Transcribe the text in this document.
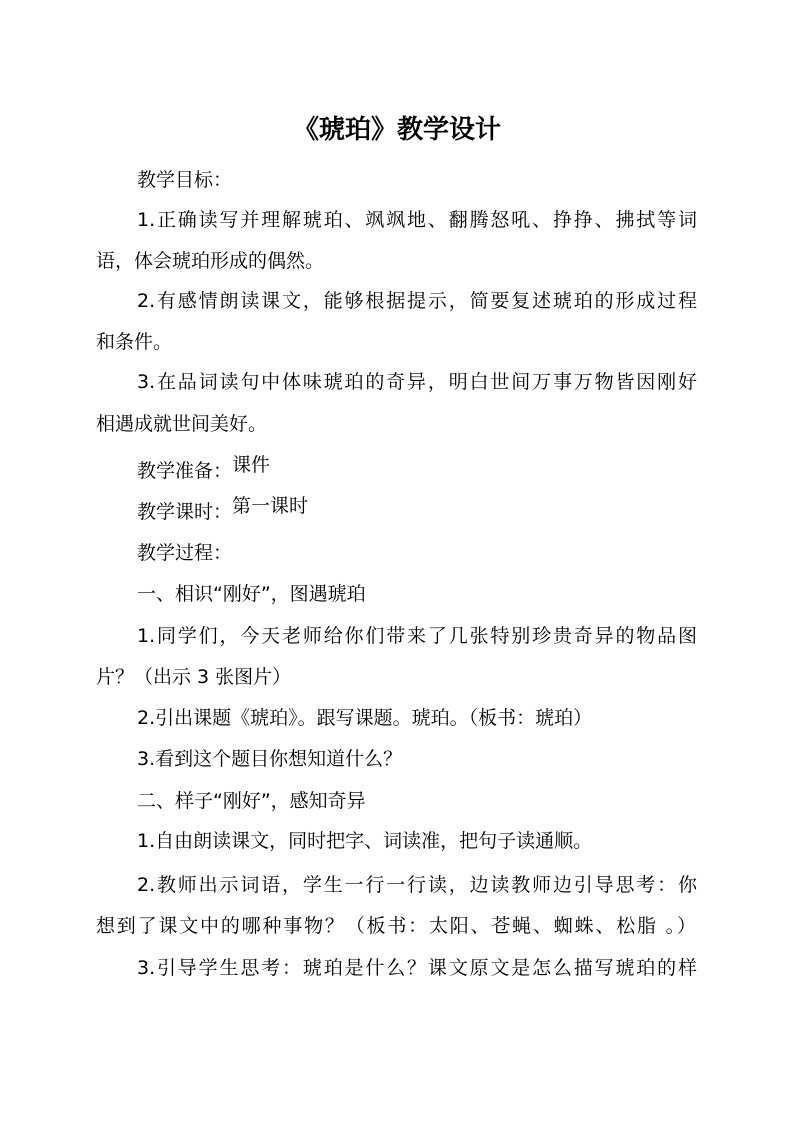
《琥珀》教学设计
教学目标：
1.正确读写并理解琥珀、飒飒地、翻腾怒吼、挣挣、拂拭等词
语，体会琥珀形成的偶然。
2.有感情朗读课文，能够根据提示，简要复述琥珀的形成过程
和条件。
3.在品词读句中体味琥珀的奇异，明白世间万事万物皆因刚好
相遇成就世间美好。
教学准备：课件
教学课时：第一课时
教学过程：
一、相识“刚好”，图遇琥珀
1.同学们，今天老师给你们带来了几张特别珍贵奇异的物品图
片？（出示 3 张图片）
2.引出课题《琥珀》。跟写课题。琥珀。（板书：琥珀）
3.看到这个题目你想知道什么？
二、样子“刚好”，感知奇异
1.自由朗读课文，同时把字、词读准，把句子读通顺。
2.教师出示词语，学生一行一行读，边读教师边引导思考：你
想到了课文中的哪种事物？（板书：太阳、苍蝇、蜘蛛、松脂 。）
3.引导学生思考：琥珀是什么？课文原文是怎么描写琥珀的样
